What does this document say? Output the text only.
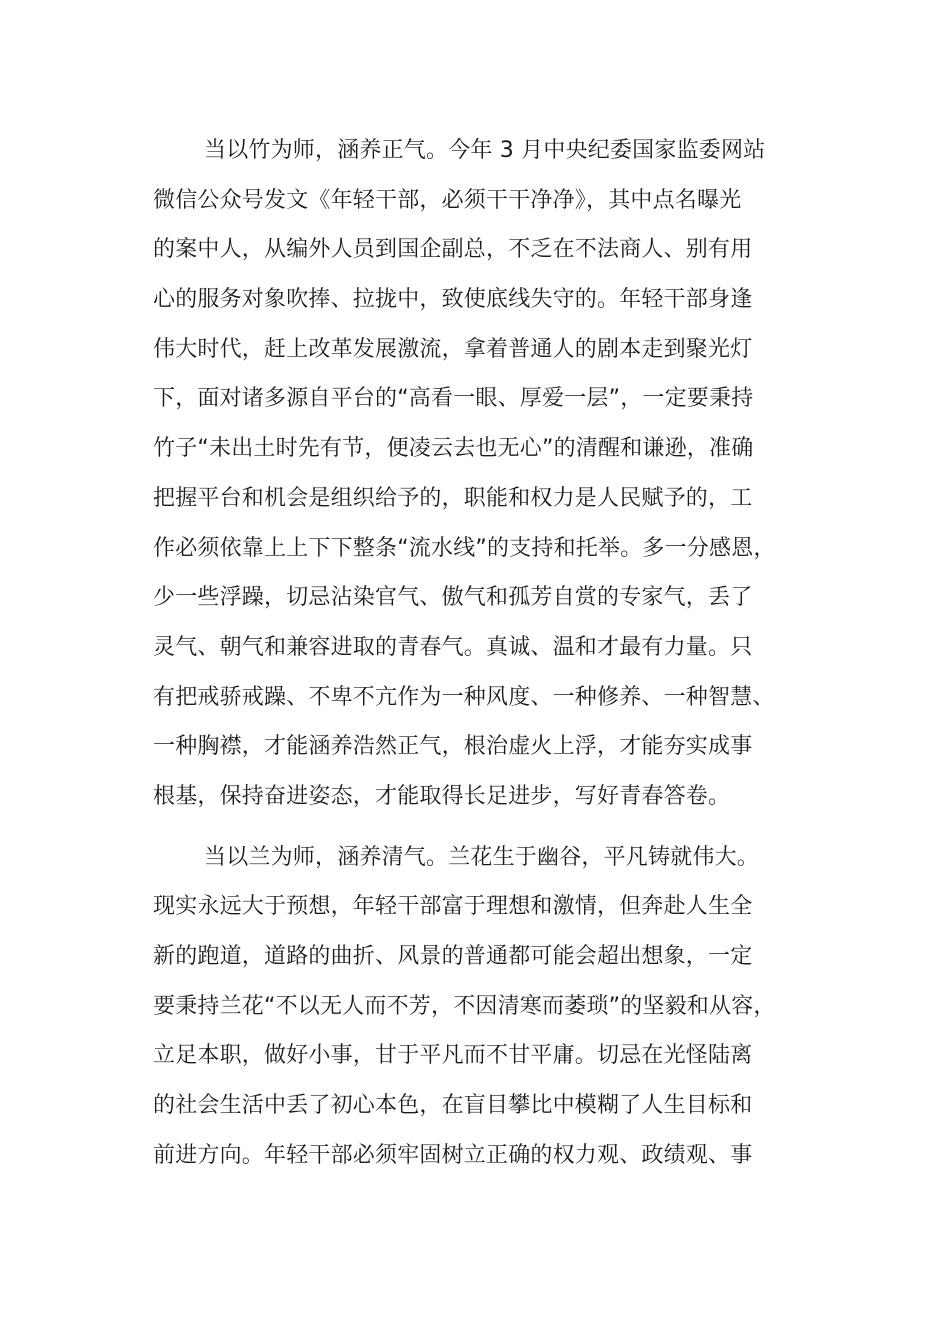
当以竹为师，涵养正气。今年 3 月中央纪委国家监委网站
微信公众号发文《年轻干部，必须干干净净》，其中点名曝光
的案中人，从编外人员到国企副总，不乏在不法商人、别有用
心的服务对象吹捧、拉拢中，致使底线失守的。年轻干部身逢
伟大时代，赶上改革发展激流，拿着普通人的剧本走到聚光灯
下，面对诸多源自平台的“高看一眼、厚爱一层”，一定要秉持
竹子“未出土时先有节，便凌云去也无心”的清醒和谦逊，准确
把握平台和机会是组织给予的，职能和权力是人民赋予的，工
作必须依靠上上下下整条“流水线”的支持和托举。多一分感恩，
少一些浮躁，切忌沾染官气、傲气和孤芳自赏的专家气，丢了
灵气、朝气和兼容进取的青春气。真诚、温和才最有力量。只
有把戒骄戒躁、不卑不亢作为一种风度、一种修养、一种智慧、
一种胸襟，才能涵养浩然正气，根治虚火上浮，才能夯实成事
根基，保持奋进姿态，才能取得长足进步，写好青春答卷。
当以兰为师，涵养清气。兰花生于幽谷，平凡铸就伟大。
现实永远大于预想，年轻干部富于理想和激情，但奔赴人生全
新的跑道，道路的曲折、风景的普通都可能会超出想象，一定
要秉持兰花“不以无人而不芳，不因清寒而萎琐”的坚毅和从容，
立足本职，做好小事，甘于平凡而不甘平庸。切忌在光怪陆离
的社会生活中丢了初心本色，在盲目攀比中模糊了人生目标和
前进方向。年轻干部必须牢固树立正确的权力观、政绩观、事
